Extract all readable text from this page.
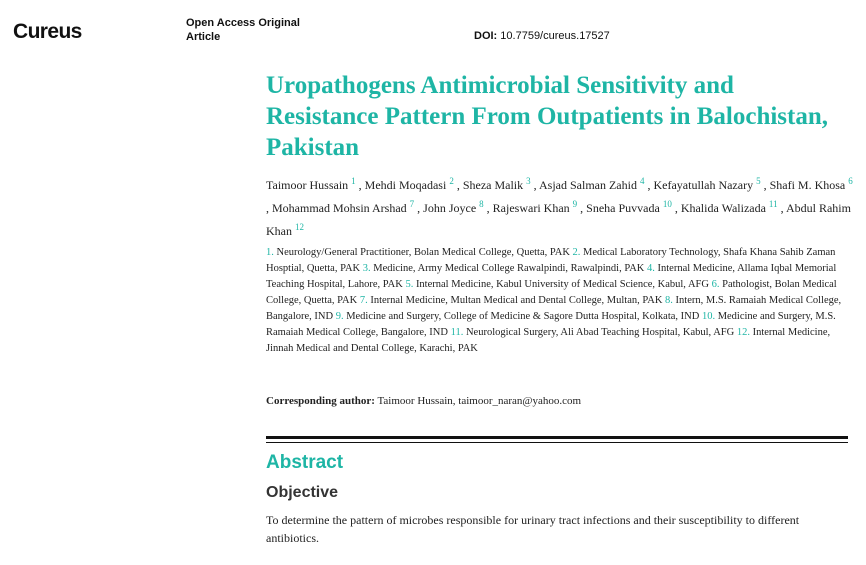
Cureus	Open Access Original
Article	DOI: 10.7759/cureus.17527
Uropathogens Antimicrobial Sensitivity and Resistance Pattern From Outpatients in Balochistan, Pakistan

Taimoor Hussain $^1$ , Mehdi Moqadasi $^2$ , Sheza Malik $^3$ , Asjad Salman Zahid $^4$ , Kefayatullah Nazary $^5$ , Shafi M. Khosa $^6$ , Mohammad Mohsin Arshad $^7$ , John Joyce $^8$ , Rajeswari Khan $^9$ , Sneha Puvvada $^{10}$ , Khalida Walizada $^{11}$ , Abdul Rahim Khan $^{12}$

1. Neurology/General Practitioner, Bolan Medical College, Quetta, PAK 2. Medical Laboratory Technology, Shafa Khana Sahib Zaman Hosptial, Quetta, PAK 3. Medicine, Army Medical College Rawalpindi, Rawalpindi, PAK 4. Internal Medicine, Allama Iqbal Memorial Teaching Hospital, Lahore, PAK 5. Internal Medicine, Kabul University of Medical Science, Kabul, AFG 6. Pathologist, Bolan Medical College, Quetta, PAK 7. Internal Medicine, Multan Medical and Dental College, Multan, PAK 8. Intern, M.S. Ramaiah Medical College, Bangalore, IND 9. Medicine and Surgery, College of Medicine & Sagore Dutta Hospital, Kolkata, IND 10. Medicine and Surgery, M.S. Ramaiah Medical College, Bangalore, IND 11. Neurological Surgery, Ali Abad Teaching Hospital, Kabul, AFG 12. Internal Medicine, Jinnah Medical and Dental College, Karachi, PAK

Corresponding author: Taimoor Hussain, taimoor_naran@yahoo.com
Abstract
Objective

To determine the pattern of microbes responsible for urinary tract infections and their susceptibility to different antibiotics.
